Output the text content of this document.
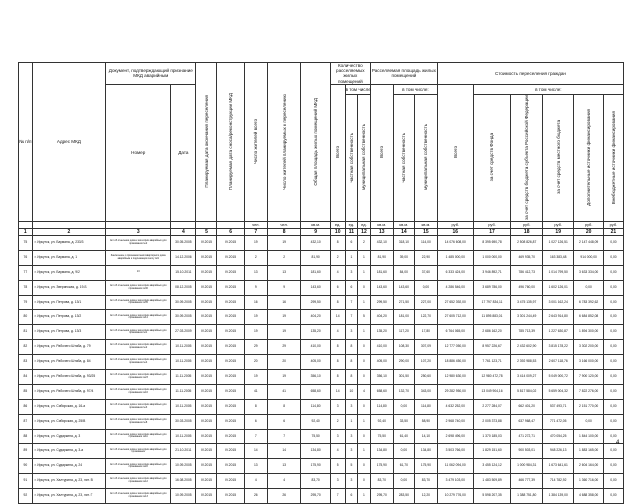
№ п/п	Адрес МКД	Документ, подтверждающий признание МКД аварийным		Планируемая дата окончания переселения	Планируемая дата сноса/реконструкции МКД	Число жителей всего	Число жителей планируемых к переселению	Общая площадь жилых помещений МКД	Количество расселяемых жилых помещений			Расселяемая площадь жилых помещений			Стоимость переселения граждан					
		Номер	Дата						Всего	в том числе		Всего	в том числе:		Всего	в том числе:				
										частная собственность	муниципальная собственность		частная собственность	муниципальная собственность		за счет средств Фонда	за счет средств бюджета субъекта Российской Федерации	за счет средств местного бюджета	Дополнительные источники финансирования	Внебюджетные источники финансирования
						чел.	чел.	кв.м.	ед.	ед.	ед.	кв.м.	кв.м.	кв.м.	руб.	руб.	руб.	руб.	руб.	руб.
1	2	3	4	5	6	7	8	9	10	11	12	13	14	15	16	17	18	19	20	21
75	г. Иркутск, ул. Баумана, д. 233/3	Акт об отнесении дома к категории аварийных для проживания №2	30.05.2005	IV.2015	IV.2015	19	19	432,10	8	6	2	432,10	318,10	114,00	14 076 608,00	8 395 690,78	2 508 826,87	1 027 126,51	2 147 448,09	0,00
76	г. Иркутск, ул. Баумана, д. 1	Заключение о признании многоквартирного дома аварийным и подлежащим сносу №9	14.12.2006	IV.2015	IV.2015	2	2	81,90	2	1	1	81,90	39,00	22,90	1 485 000,00	1 000 000,00	469 935,70	163 383,48	914 000,00	0,00
77	г. Иркутск, ул. Баумана, д. 9/2	13	15.10.2011	IV.2015	IV.2015	13	13	181,60	4	3	1	181,60	84,00	37,60	6 333 424,00	3 946 892,71	786 412,73	1 014 799,50	3 633 334,00	0,00
78	г. Иркутск, ул. Зверинская, д. 19-Б	Акт об отнесении дома к категории аварийных для проживания №36	08.12.2005	IV.2015	IV.2015	9	9	143,60	6	6	0	143,60	143,60	0,00	4 286 546,00	3 689 786,00	496 760,00	1 602 126,01	0,00	0,00
79	г. Иркутск, ул. Петрова, д. 13/1	Акт об отнесении дома к категории аварийных для проживания №35	30.09.2005	IV.2015	IV.2015	16	16	299,50	8	7	1	299,50	271,50	227,00	27 652 392,00	17 797 834,11	3 475 135,97	3 001 162,24	6 783 392,62	0,00
80	г. Иркутск, ул. Петрова, д. 13/2	Акт об отнесении дома к категории аварийных для проживания №14	30.09.2005	IV.2015	IV.2015	19	19	404,20	14	7	5	404,20	181,00	122,70	27 605 712,00	11 895 883,01	3 301 244,49	2 643 914,80	6 684 852,08	0,00
81	г. Иркутск, ул. Петрова, д. 13/3	Акт об отнесении дома к категории аварийных для проживания №1	27.03.2009	IV.2015	IV.2015	19	19	135,20	4	3	1	135,20	117,20	17,80	6 764 065,00	2 686 162,20	785 713,39	1 227 630,87	1 894 300,00	0,00
82	г. Иркутск, ул. Рабочего Штаба, д. 79	Акт об отнесении дома к категории аварийных для проживания №2	10.11.2005	IV.2015	IV.2015	29	29	410,00	8	8	0	410,00	108,30	307,09	12 777 050,00	8 957 226,67	2 432 602,90	3 815 178,22	3 302 200,00	0,00
83	г. Иркутск, ул. Рабочего Штаба, д. 84	Акт об отнесении дома к категории аварийных для проживания №4	10.11.2005	IV.2015	IV.2015	20	20	405,00	8	8	0	405,00	290,00	107,20	18 886 450,00	7 761 123,71	2 392 988,53	2 607 118,76	3 166 000,00	0,00
84	г. Иркутск, ул. Рабочего Штаба, д. 93/25	Акт об отнесении дома к категории аварийных для проживания №23	11.11.2005	IV.2015	IV.2015	19	19	356,10	8	8	0	356,10	301,50	250,60	12 980 630,00	12 980 472,78	3 414 009,27	5 049 000,72	7 900 120,00	0,00
85	г. Иркутск, ул. Рабочего Штаба, д. 97/4	Акт об отнесении дома к категории аварийных для проживания №16	11.11.2005	IV.2015	IV.2015	41	41	658,60	14	10	4	658,60	132,70	343,00	29 282 950,00	13 049 904,16	5 817 584,02	5 659 004,32	7 822 276,00	0,00
86	г. Иркутск, ул. Сибирская, д. 16-а	Акт об отнесении дома к категории аварийных для проживания №3	10.11.2005	IV.2015	IV.2015	8	8	114,80	3	3	0	114,80	0,00	114,80	4 632 252,00	2 277 284,07	662 401,20	537 493,71	2 151 770,00	0,00
87	г. Иркутск, ул. Сибирская, д. 25/В	Акт об отнесении дома к категории аварийных для проживания №8	30.03.2005	IV.2015	IV.2015	6	6	92,40	2	1	1	92,40	33,50	58,90	2 968 740,00	2 005 373,88	637 968,47	771 472,05	0,00	0,00
88	г. Иркутск, ул. Сударкина, д. 3	Акт об отнесении дома к категории аварийных для проживания №11	10.11.2005	IV.2015	IV.2015	7	7	75,50	3	3	0	75,50	61,40	14,10	2 698 496,00	1 370 185,03	471 272,71	470 054,25	1 844 100,00	0,00
89	г. Иркутск, ул. Сударкина, д. 3-а	Акт об отнесении дома к категории аварийных для проживания	21.10.2011	IV.2015	IV.2015	14	14	134,80	4	3	1	134,80	0,00	134,80	3 503 766,00	1 829 151,60	900 503,01	948 226,13	1 883 165,00	0,00
90	г. Иркутск, ул. Сударкина, д. 24	Акт об отнесении дома к категории аварийных для проживания №22	10.09.2005	IV.2015	IV.2015	13	13	175,90	5	5	0	175,90	61,70	175,90	11 062 094,00	3 455 124,12	1 000 984,31	1 673 641,61	2 604 164,00	0,00
91	г. Иркутск, ул. Халтурина, д. 23, лит. В	Акт об отнесении дома к категории аварийных для проживания №12	16.08.2005	IV.2015	IV.2015	4	4	83,70	3	3	0	83,70	0,00	83,70	3 479 103,00	1 483 509,89	466 777,39	714 782,92	1 360 716,00	0,00
92	г. Иркутск, ул. Халтурина, д. 23, лит. Г	Акт об отнесении дома к категории аварийных для проживания №13	10.09.2005	IV.2015	IV.2015	26	26	295,70	7	6	1	295,70	283,50	12,20	10 279 776,00	5 598 207,35	1 388 751,80	1 384 139,00	4 688 358,00	0,00
4
